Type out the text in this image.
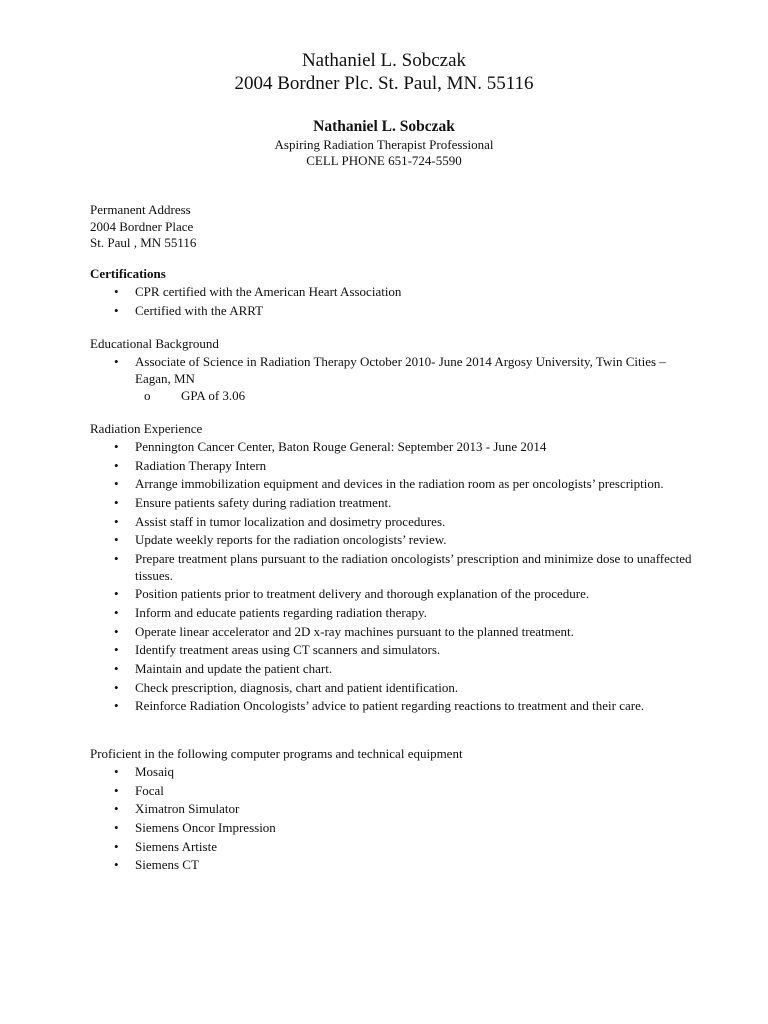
Nathaniel L. Sobczak
2004 Bordner Plc. St. Paul, MN. 55116
Nathaniel L. Sobczak
Aspiring Radiation Therapist Professional
CELL PHONE 651-724-5590
Permanent Address
2004 Bordner Place
St. Paul , MN 55116
Certifications
• CPR certified with the American Heart Association
• Certified with the ARRT
Educational Background
• Associate of Science in Radiation Therapy October 2010- June 2014 Argosy University, Twin Cities – Eagan, MN
o GPA of 3.06
Radiation Experience
• Pennington Cancer Center, Baton Rouge General: September 2013 - June 2014
• Radiation Therapy Intern
• Arrange immobilization equipment and devices in the radiation room as per oncologists’ prescription.
• Ensure patients safety during radiation treatment.
• Assist staff in tumor localization and dosimetry procedures.
• Update weekly reports for the radiation oncologists’ review.
• Prepare treatment plans pursuant to the radiation oncologists’ prescription and minimize dose to unaffected tissues.
• Position patients prior to treatment delivery and thorough explanation of the procedure.
• Inform and educate patients regarding radiation therapy.
• Operate linear accelerator and 2D x-ray machines pursuant to the planned treatment.
• Identify treatment areas using CT scanners and simulators.
• Maintain and update the patient chart.
• Check prescription, diagnosis, chart and patient identification.
• Reinforce Radiation Oncologists’ advice to patient regarding reactions to treatment and their care.
Proficient in the following computer programs and technical equipment
• Mosaiq
• Focal
• Ximatron Simulator
• Siemens Oncor Impression
• Siemens Artiste
• Siemens CT
